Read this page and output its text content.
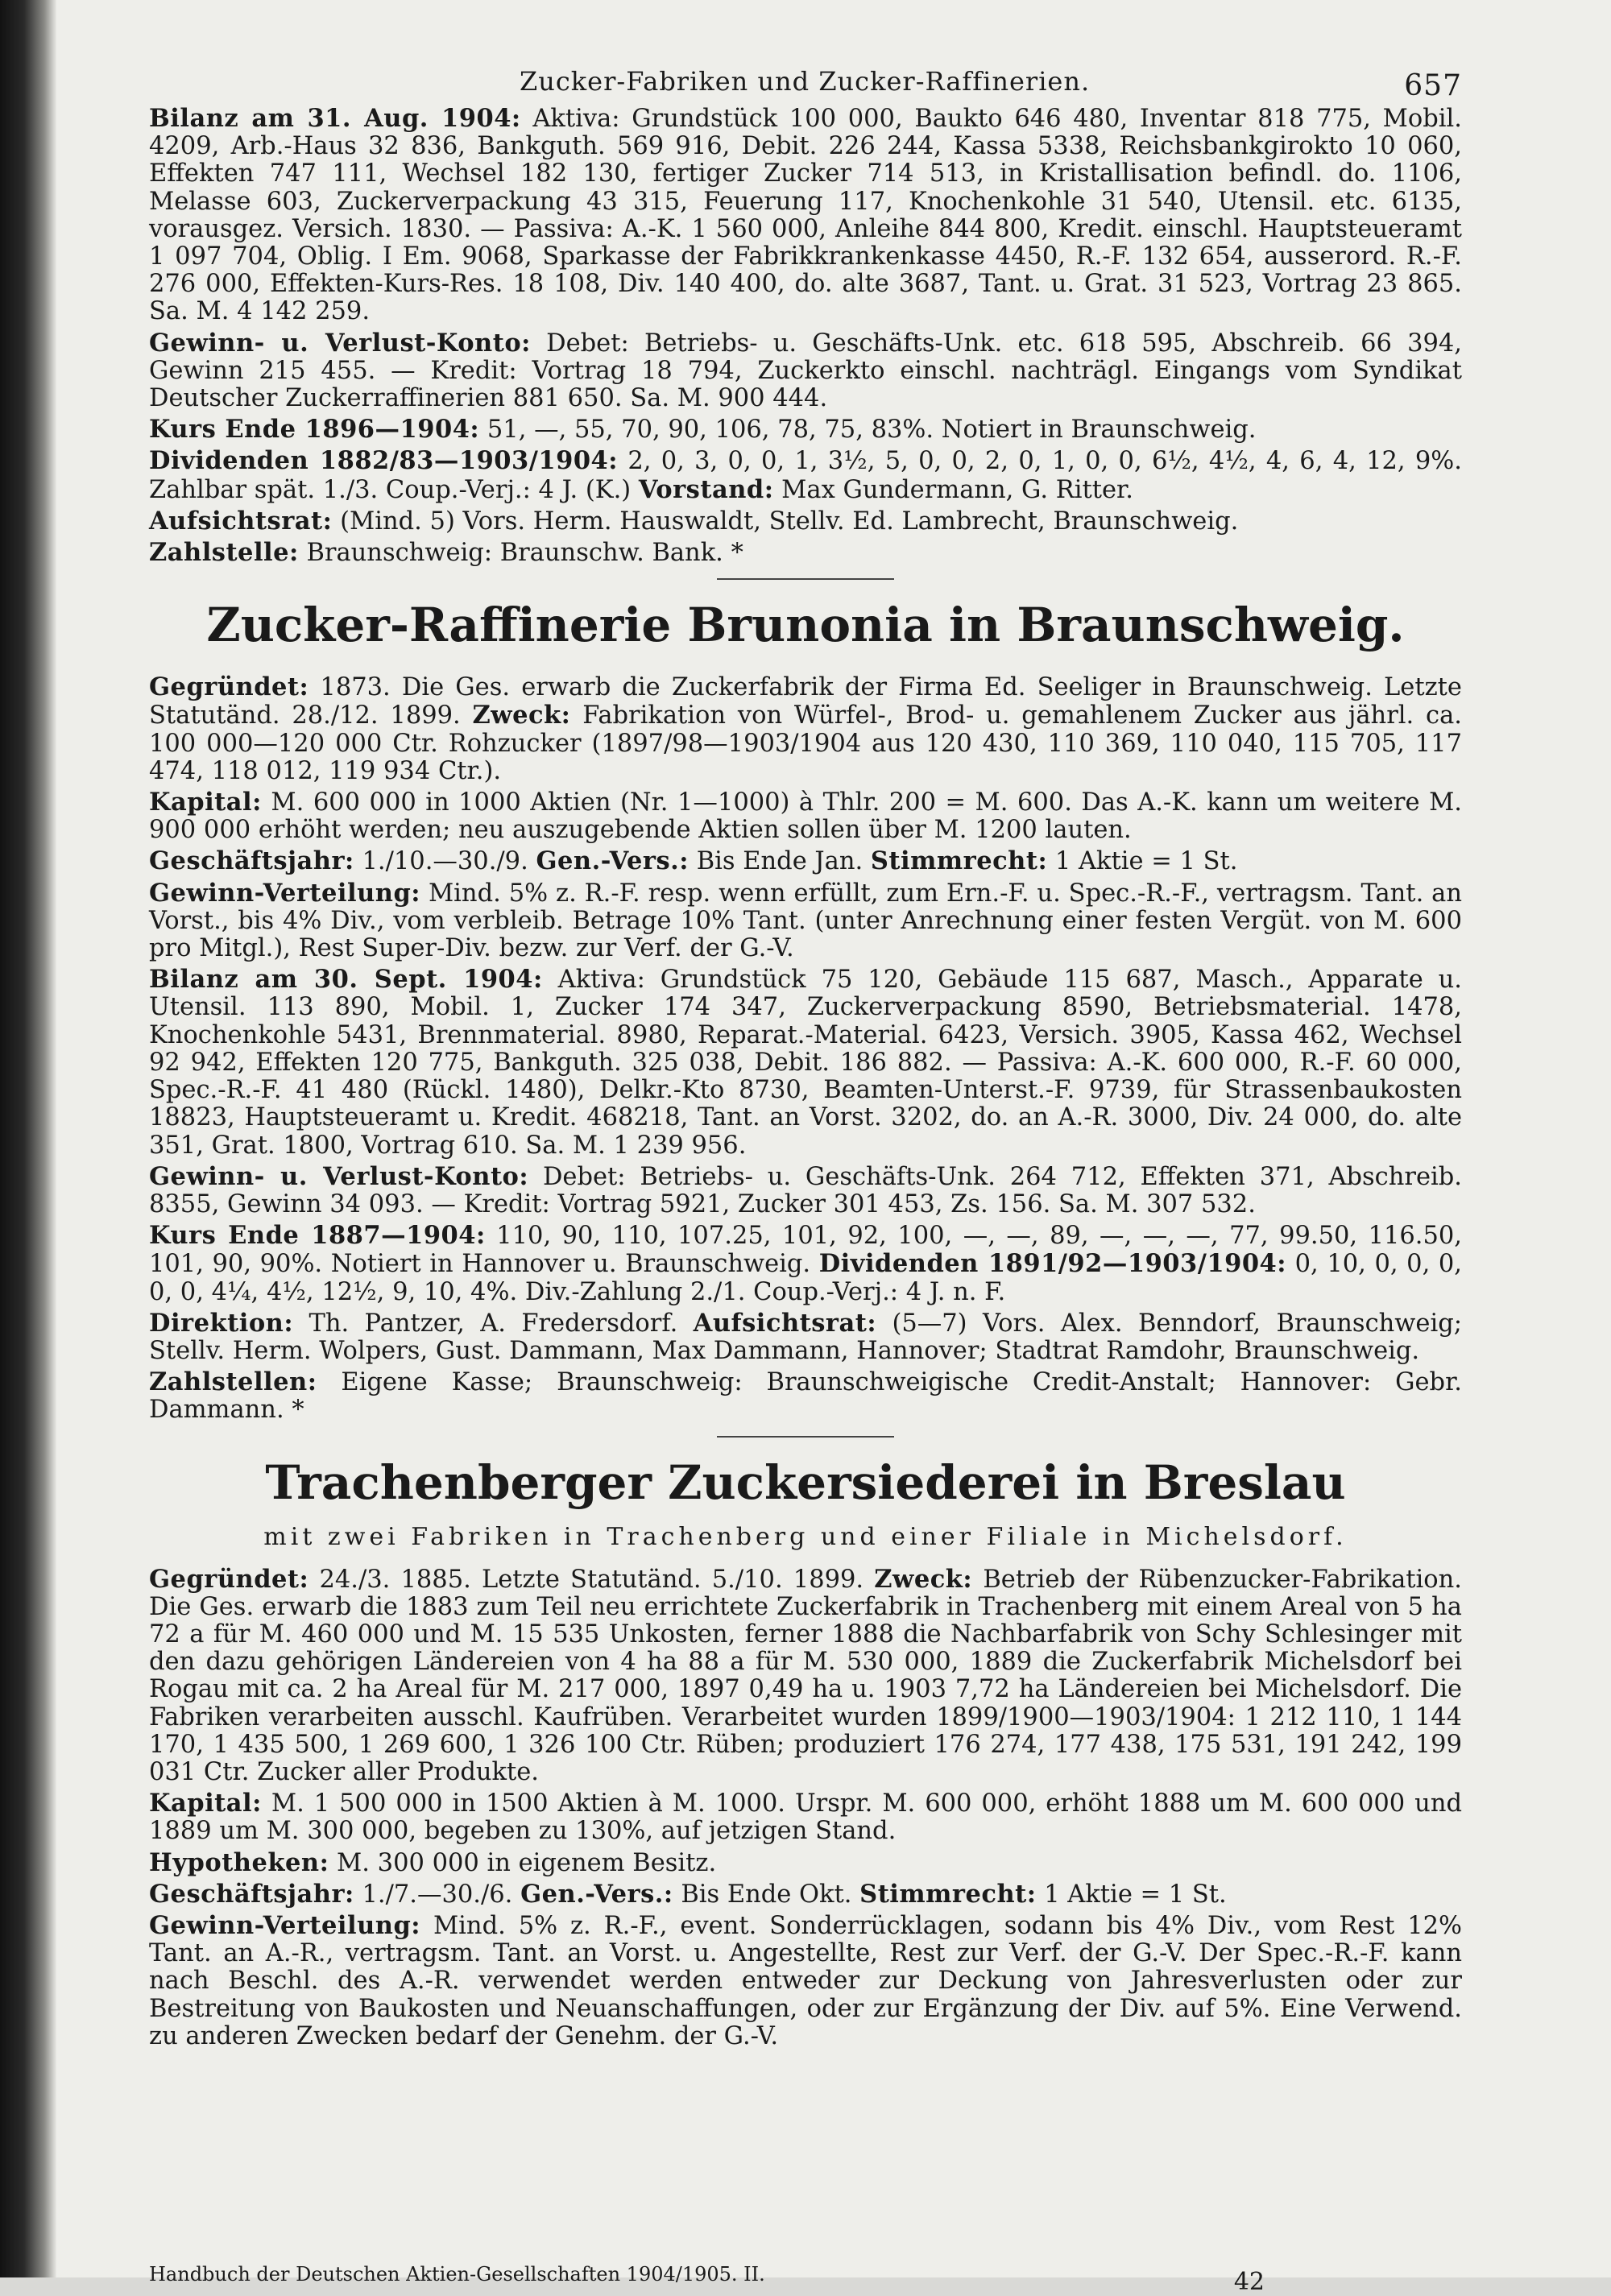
Zucker-Fabriken und Zucker-Raffinerien.	657

Bilanz am 31. Aug. 1904: Aktiva: Grundstück 100 000, Baukto 646 480, Inventar 818 775, Mobil. 4209, Arb.-Haus 32 836, Bankguth. 569 916, Debit. 226 244, Kassa 5338, Reichsbankgirokto 10 060, Effekten 747 111, Wechsel 182 130, fertiger Zucker 714 513, in Kristallisation befindl. do. 1106, Melasse 603, Zuckerverpackung 43 315, Feuerung 117, Knochenkohle 31 540, Utensil. etc. 6135, vorausgez. Versich. 1830. — Passiva: A.-K. 1 560 000, Anleihe 844 800, Kredit. einschl. Hauptsteueramt 1 097 704, Oblig. I Em. 9068, Sparkasse der Fabrikkrankenkasse 4450, R.-F. 132 654, ausserord. R.-F. 276 000, Effekten-Kurs-Res. 18 108, Div. 140 400, do. alte 3687, Tant. u. Grat. 31 523, Vortrag 23 865. Sa. M. 4 142 259.

Gewinn- u. Verlust-Konto: Debet: Betriebs- u. Geschäfts-Unk. etc. 618 595, Abschreib. 66 394, Gewinn 215 455. — Kredit: Vortrag 18 794, Zuckerkto einschl. nachträgl. Eingangs vom Syndikat Deutscher Zuckerraffinerien 881 650. Sa. M. 900 444.

Kurs Ende 1896—1904: 51, —, 55, 70, 90, 106, 78, 75, 83%. Notiert in Braunschweig.

Dividenden 1882/83—1903/1904: 2, 0, 3, 0, 0, 1, 3½, 5, 0, 0, 2, 0, 1, 0, 0, 6½, 4½, 4, 6, 4, 12, 9%. Zahlbar spät. 1./3. Coup.-Verj.: 4 J. (K.) Vorstand: Max Gundermann, G. Ritter.

Aufsichtsrat: (Mind. 5) Vors. Herm. Hauswaldt, Stellv. Ed. Lambrecht, Braunschweig.

Zahlstelle: Braunschweig: Braunschw. Bank. *

Zucker-Raffinerie Brunonia in Braunschweig.

Gegründet: 1873. Die Ges. erwarb die Zuckerfabrik der Firma Ed. Seeliger in Braunschweig. Letzte Statutänd. 28./12. 1899. Zweck: Fabrikation von Würfel-, Brod- u. gemahlenem Zucker aus jährl. ca. 100 000—120 000 Ctr. Rohzucker (1897/98—1903/1904 aus 120 430, 110 369, 110 040, 115 705, 117 474, 118 012, 119 934 Ctr.).

Kapital: M. 600 000 in 1000 Aktien (Nr. 1—1000) à Thlr. 200 = M. 600. Das A.-K. kann um weitere M. 900 000 erhöht werden; neu auszugebende Aktien sollen über M. 1200 lauten.

Geschäftsjahr: 1./10.—30./9. Gen.-Vers.: Bis Ende Jan. Stimmrecht: 1 Aktie = 1 St.

Gewinn-Verteilung: Mind. 5% z. R.-F. resp. wenn erfüllt, zum Ern.-F. u. Spec.-R.-F., vertragsm. Tant. an Vorst., bis 4% Div., vom verbleib. Betrage 10% Tant. (unter Anrechnung einer festen Vergüt. von M. 600 pro Mitgl.), Rest Super-Div. bezw. zur Verf. der G.-V.

Bilanz am 30. Sept. 1904: Aktiva: Grundstück 75 120, Gebäude 115 687, Masch., Apparate u. Utensil. 113 890, Mobil. 1, Zucker 174 347, Zuckerverpackung 8590, Betriebsmaterial. 1478, Knochenkohle 5431, Brennmaterial. 8980, Reparat.-Material. 6423, Versich. 3905, Kassa 462, Wechsel 92 942, Effekten 120 775, Bankguth. 325 038, Debit. 186 882. — Passiva: A.-K. 600 000, R.-F. 60 000, Spec.-R.-F. 41 480 (Rückl. 1480), Delkr.-Kto 8730, Beamten-Unterst.-F. 9739, für Strassenbaukosten 18823, Hauptsteueramt u. Kredit. 468218, Tant. an Vorst. 3202, do. an A.-R. 3000, Div. 24 000, do. alte 351, Grat. 1800, Vortrag 610. Sa. M. 1 239 956.

Gewinn- u. Verlust-Konto: Debet: Betriebs- u. Geschäfts-Unk. 264 712, Effekten 371, Abschreib. 8355, Gewinn 34 093. — Kredit: Vortrag 5921, Zucker 301 453, Zs. 156. Sa. M. 307 532.

Kurs Ende 1887—1904: 110, 90, 110, 107.25, 101, 92, 100, —, —, 89, —, —, —, 77, 99.50, 116.50, 101, 90, 90%. Notiert in Hannover u. Braunschweig. Dividenden 1891/92—1903/1904: 0, 10, 0, 0, 0, 0, 0, 4¼, 4½, 12½, 9, 10, 4%. Div.-Zahlung 2./1. Coup.-Verj.: 4 J. n. F.

Direktion: Th. Pantzer, A. Fredersdorf. Aufsichtsrat: (5—7) Vors. Alex. Benndorf, Braunschweig; Stellv. Herm. Wolpers, Gust. Dammann, Max Dammann, Hannover; Stadtrat Ramdohr, Braunschweig.

Zahlstellen: Eigene Kasse; Braunschweig: Braunschweigische Credit-Anstalt; Hannover: Gebr. Dammann. *

Trachenberger Zuckersiederei in Breslau
mit zwei Fabriken in Trachenberg und einer Filiale in Michelsdorf.

Gegründet: 24./3. 1885. Letzte Statutänd. 5./10. 1899. Zweck: Betrieb der Rübenzucker-Fabrikation. Die Ges. erwarb die 1883 zum Teil neu errichtete Zuckerfabrik in Trachenberg mit einem Areal von 5 ha 72 a für M. 460 000 und M. 15 535 Unkosten, ferner 1888 die Nachbarfabrik von Schy Schlesinger mit den dazu gehörigen Ländereien von 4 ha 88 a für M. 530 000, 1889 die Zuckerfabrik Michelsdorf bei Rogau mit ca. 2 ha Areal für M. 217 000, 1897 0,49 ha u. 1903 7,72 ha Ländereien bei Michelsdorf. Die Fabriken verarbeiten ausschl. Kaufrüben. Verarbeitet wurden 1899/1900—1903/1904: 1 212 110, 1 144 170, 1 435 500, 1 269 600, 1 326 100 Ctr. Rüben; produziert 176 274, 177 438, 175 531, 191 242, 199 031 Ctr. Zucker aller Produkte.

Kapital: M. 1 500 000 in 1500 Aktien à M. 1000. Urspr. M. 600 000, erhöht 1888 um M. 600 000 und 1889 um M. 300 000, begeben zu 130%, auf jetzigen Stand.

Hypotheken: M. 300 000 in eigenem Besitz.

Geschäftsjahr: 1./7.—30./6. Gen.-Vers.: Bis Ende Okt. Stimmrecht: 1 Aktie = 1 St.

Gewinn-Verteilung: Mind. 5% z. R.-F., event. Sonderrücklagen, sodann bis 4% Div., vom Rest 12% Tant. an A.-R., vertragsm. Tant. an Vorst. u. Angestellte, Rest zur Verf. der G.-V. Der Spec.-R.-F. kann nach Beschl. des A.-R. verwendet werden entweder zur Deckung von Jahresverlusten oder zur Bestreitung von Baukosten und Neuanschaffungen, oder zur Ergänzung der Div. auf 5%. Eine Verwend. zu anderen Zwecken bedarf der Genehm. der G.-V.

Handbuch der Deutschen Aktien-Gesellschaften 1904/1905. II.	42
